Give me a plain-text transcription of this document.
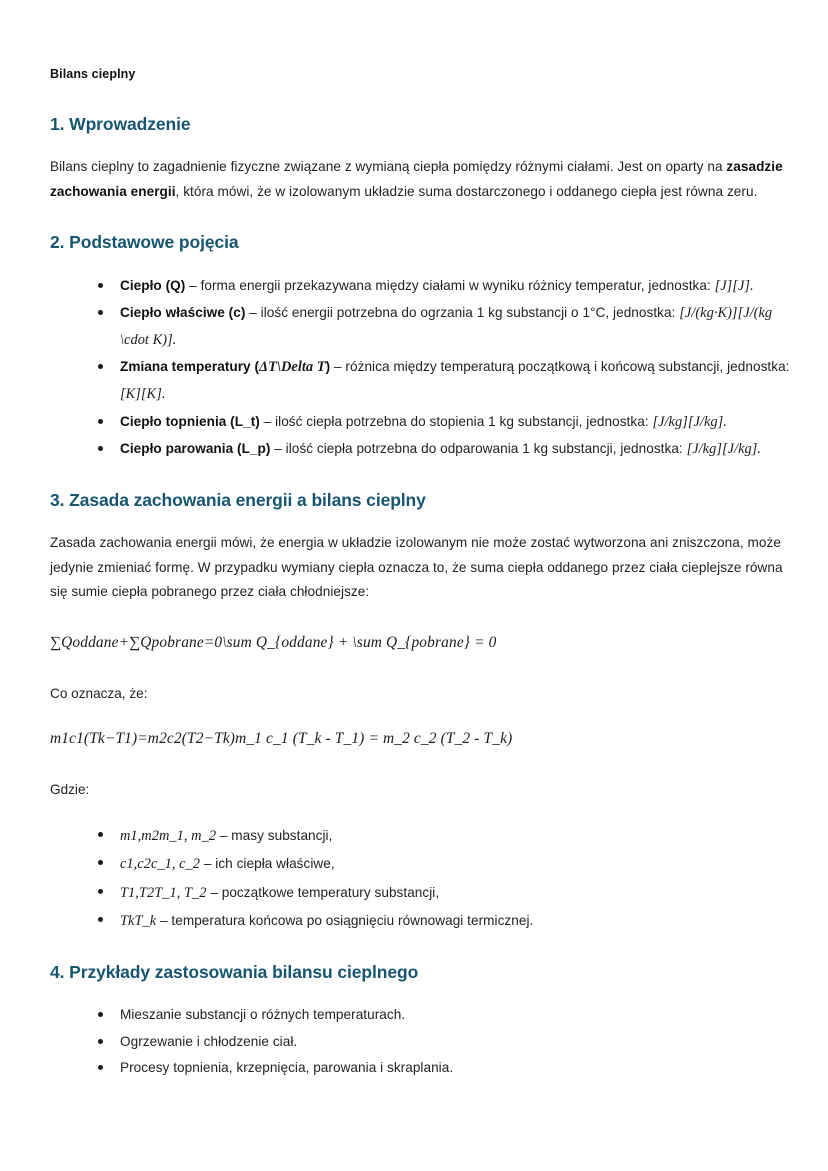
Bilans cieplny
1. Wprowadzenie

Bilans cieplny to zagadnienie fizyczne związane z wymianą ciepła pomiędzy różnymi ciałami. Jest on oparty na zasadzie zachowania energii, która mówi, że w izolowanym układzie suma dostarczonego i oddanego ciepła jest równa zeru.

2. Podstawowe pojęcia
Ciepło (Q) – forma energii przekazywana między ciałami w wyniku różnicy temperatur, jednostka: [J][J].
Ciepło właściwe (c) – ilość energii potrzebna do ogrzania 1 kg substancji o 1°C, jednostka: [J/(kg·K)][J/(kg \cdot K)].
Zmiana temperatury (ΔT\Delta T) – różnica między temperaturą początkową i końcową substancji, jednostka: [K][K].
Ciepło topnienia (L_t) – ilość ciepła potrzebna do stopienia 1 kg substancji, jednostka: [J/kg][J/kg].
Ciepło parowania (L_p) – ilość ciepła potrzebna do odparowania 1 kg substancji, jednostka: [J/kg][J/kg].
3. Zasada zachowania energii a bilans cieplny

Zasada zachowania energii mówi, że energia w układzie izolowanym nie może zostać wytworzona ani zniszczona, może jedynie zmieniać formę. W przypadku wymiany ciepła oznacza to, że suma ciepła oddanego przez ciała cieplejsze równa się sumie ciepła pobranego przez ciała chłodniejsze:

∑Qoddane+∑Qpobrane=0\sum Q_{oddane} + \sum Q_{pobrane} = 0

Co oznacza, że:

m1c1(Tk−T1)=m2c2(T2−Tk)m_1 c_1 (T_k - T_1) = m_2 c_2 (T_2 - T_k)

Gdzie:

m1,m2m_1, m_2 – masy substancji,
c1,c2c_1, c_2 – ich ciepła właściwe,
T1,T2T_1, T_2 – początkowe temperatury substancji,
TkT_k – temperatura końcowa po osiągnięciu równowagi termicznej.
4. Przykłady zastosowania bilansu cieplnego
Mieszanie substancji o różnych temperaturach.
Ogrzewanie i chłodzenie ciał.
Procesy topnienia, krzepnięcia, parowania i skraplania.
